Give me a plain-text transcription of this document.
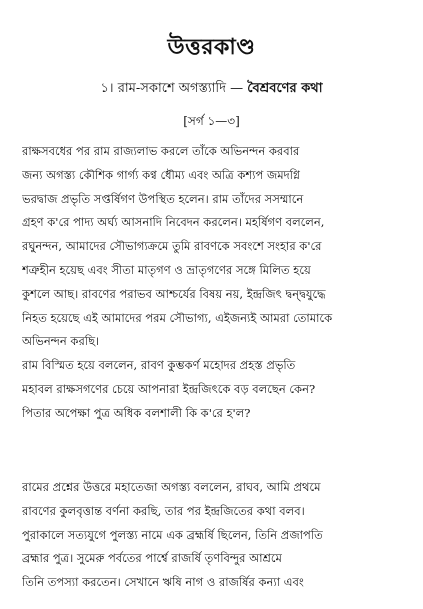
উত্তরকাণ্ড
১। রাম-সকাশে অগস্ত্যাদি — বৈশ্রবণের কথা
[সর্গ ১—৩]
রাক্ষসবধের পর রাম রাজ্যলাভ করলে তাঁকে অভিনন্দন করবার
জন্য অগস্ত্য কৌশিক গার্গ্য কণ্ব ধৌম্য এবং অত্রি কশ্যপ জমদগ্নি
ভরদ্বাজ প্রভৃতি সপ্তর্ষিগণ উপস্থিত হলেন। রাম তাঁদের সসম্মানে
গ্রহণ ক'রে পাদ্য অর্ঘ্য আসনাদি নিবেদন করলেন। মহর্ষিগণ বললেন,
রঘুনন্দন, আমাদের সৌভাগ্যক্রমে তুমি রাবণকে সবংশে সংহার ক'রে
শত্রুহীন হয়েছ এবং সীতা মাতৃগণ ও ভ্রাতৃগণের সঙ্গে মিলিত হয়ে
কুশলে আছ। রাবণের পরাভব আশ্চর্যের বিষয় নয়, ইন্দ্রজিৎ দ্বন্দ্বযুদ্ধে
নিহত হয়েছে এই আমাদের পরম সৌভাগ্য, এইজন্যই আমরা তোমাকে
অভিনন্দন করছি।
রাম বিস্মিত হয়ে বললেন, রাবণ কুম্ভকর্ণ মহোদর প্রহস্ত প্রভৃতি
মহাবল রাক্ষসগণের চেয়ে আপনারা ইন্দ্রজিৎকে বড় বলছেন কেন?
পিতার অপেক্ষা পুত্র অধিক বলশালী কি ক'রে হ'ল?
রামের প্রশ্নের উত্তরে মহাতেজা অগস্ত্য বললেন, রাঘব, আমি প্রথমে
রাবণের কুলবৃত্তান্ত বর্ণনা করছি, তার পর ইন্দ্রজিতের কথা বলব।
পুরাকালে সত্যযুগে পুলস্ত্য নামে এক ব্রহ্মর্ষি ছিলেন, তিনি প্রজাপতি
ব্রহ্মার পুত্র। সুমেরু পর্বতের পার্শ্বে রাজর্ষি তৃণবিন্দুর আশ্রমে
তিনি তপস্যা করতেন। সেখানে ঋষি নাগ ও রাজর্ষির কন্যা এবং
